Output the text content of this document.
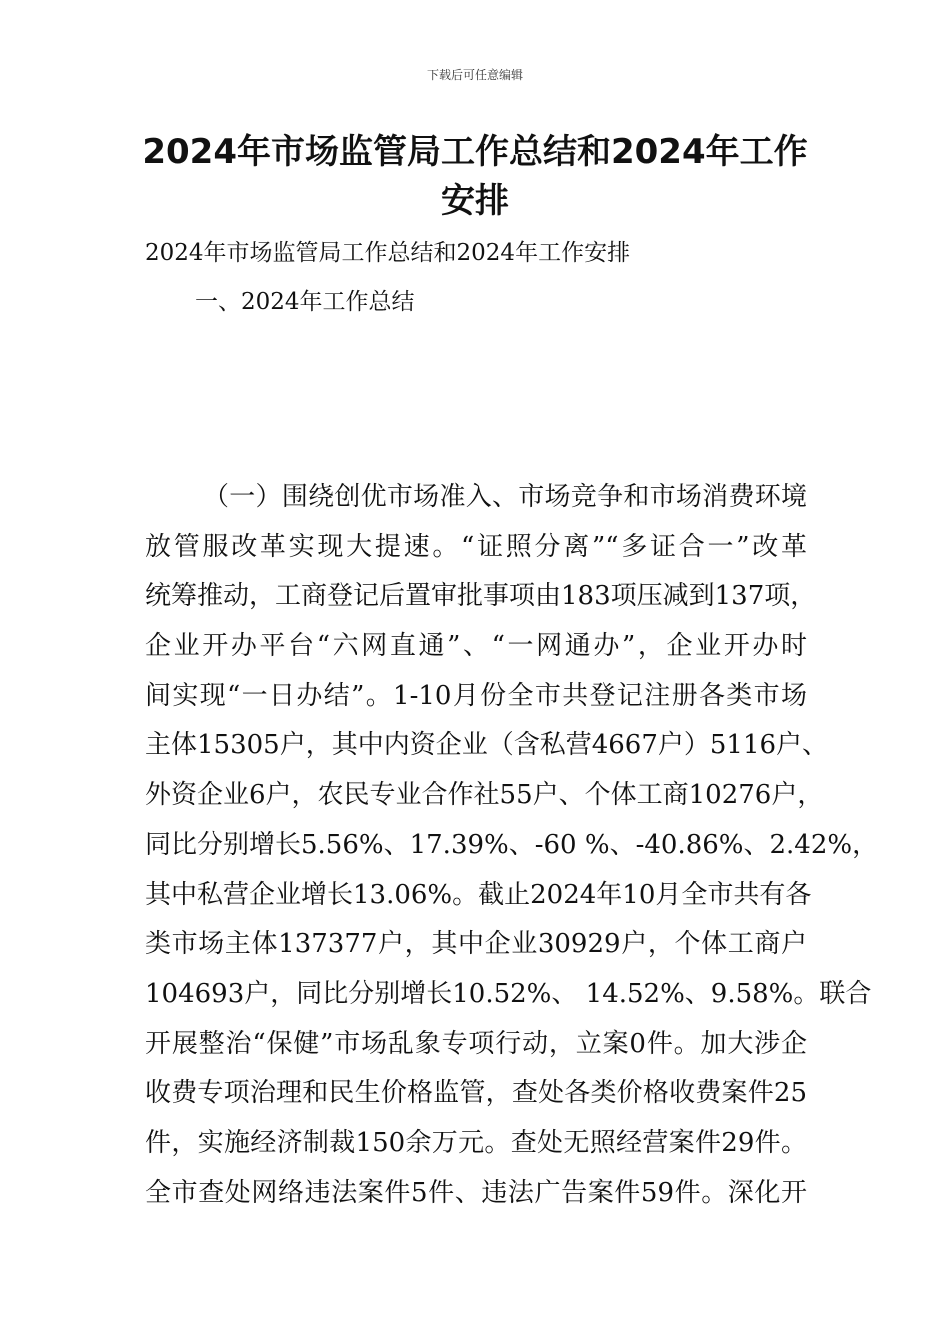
下载后可任意编辑
2024年市场监管局工作总结和2024年工作
安排
2024年市场监管局工作总结和2024年工作安排
一、2024年工作总结
（一）围绕创优市场准入、市场竞争和市场消费环境
放管服改革实现大提速。“证照分离”“多证合一”改革
统筹推动，工商登记后置审批事项由183项压减到137项，
企业开办平台“六网直通”、“一网通办”，企业开办时
间实现“一日办结”。1-10月份全市共登记注册各类市场
主体15305户，其中内资企业（含私营4667户）5116户、
外资企业6户，农民专业合作社55户、个体工商10276户，
同比分别增长5.56%、17.39%、-60 %、-40.86%、2.42%，
其中私营企业增长13.06%。截止2024年10月全市共有各
类市场主体137377户，其中企业30929户，个体工商户
104693户，同比分别增长10.52%、 14.52%、9.58%。联合
开展整治“保健”市场乱象专项行动，立案0件。加大涉企
收费专项治理和民生价格监管，查处各类价格收费案件25
件，实施经济制裁150余万元。查处无照经营案件29件。
全市查处网络违法案件5件、违法广告案件59件。深化开
